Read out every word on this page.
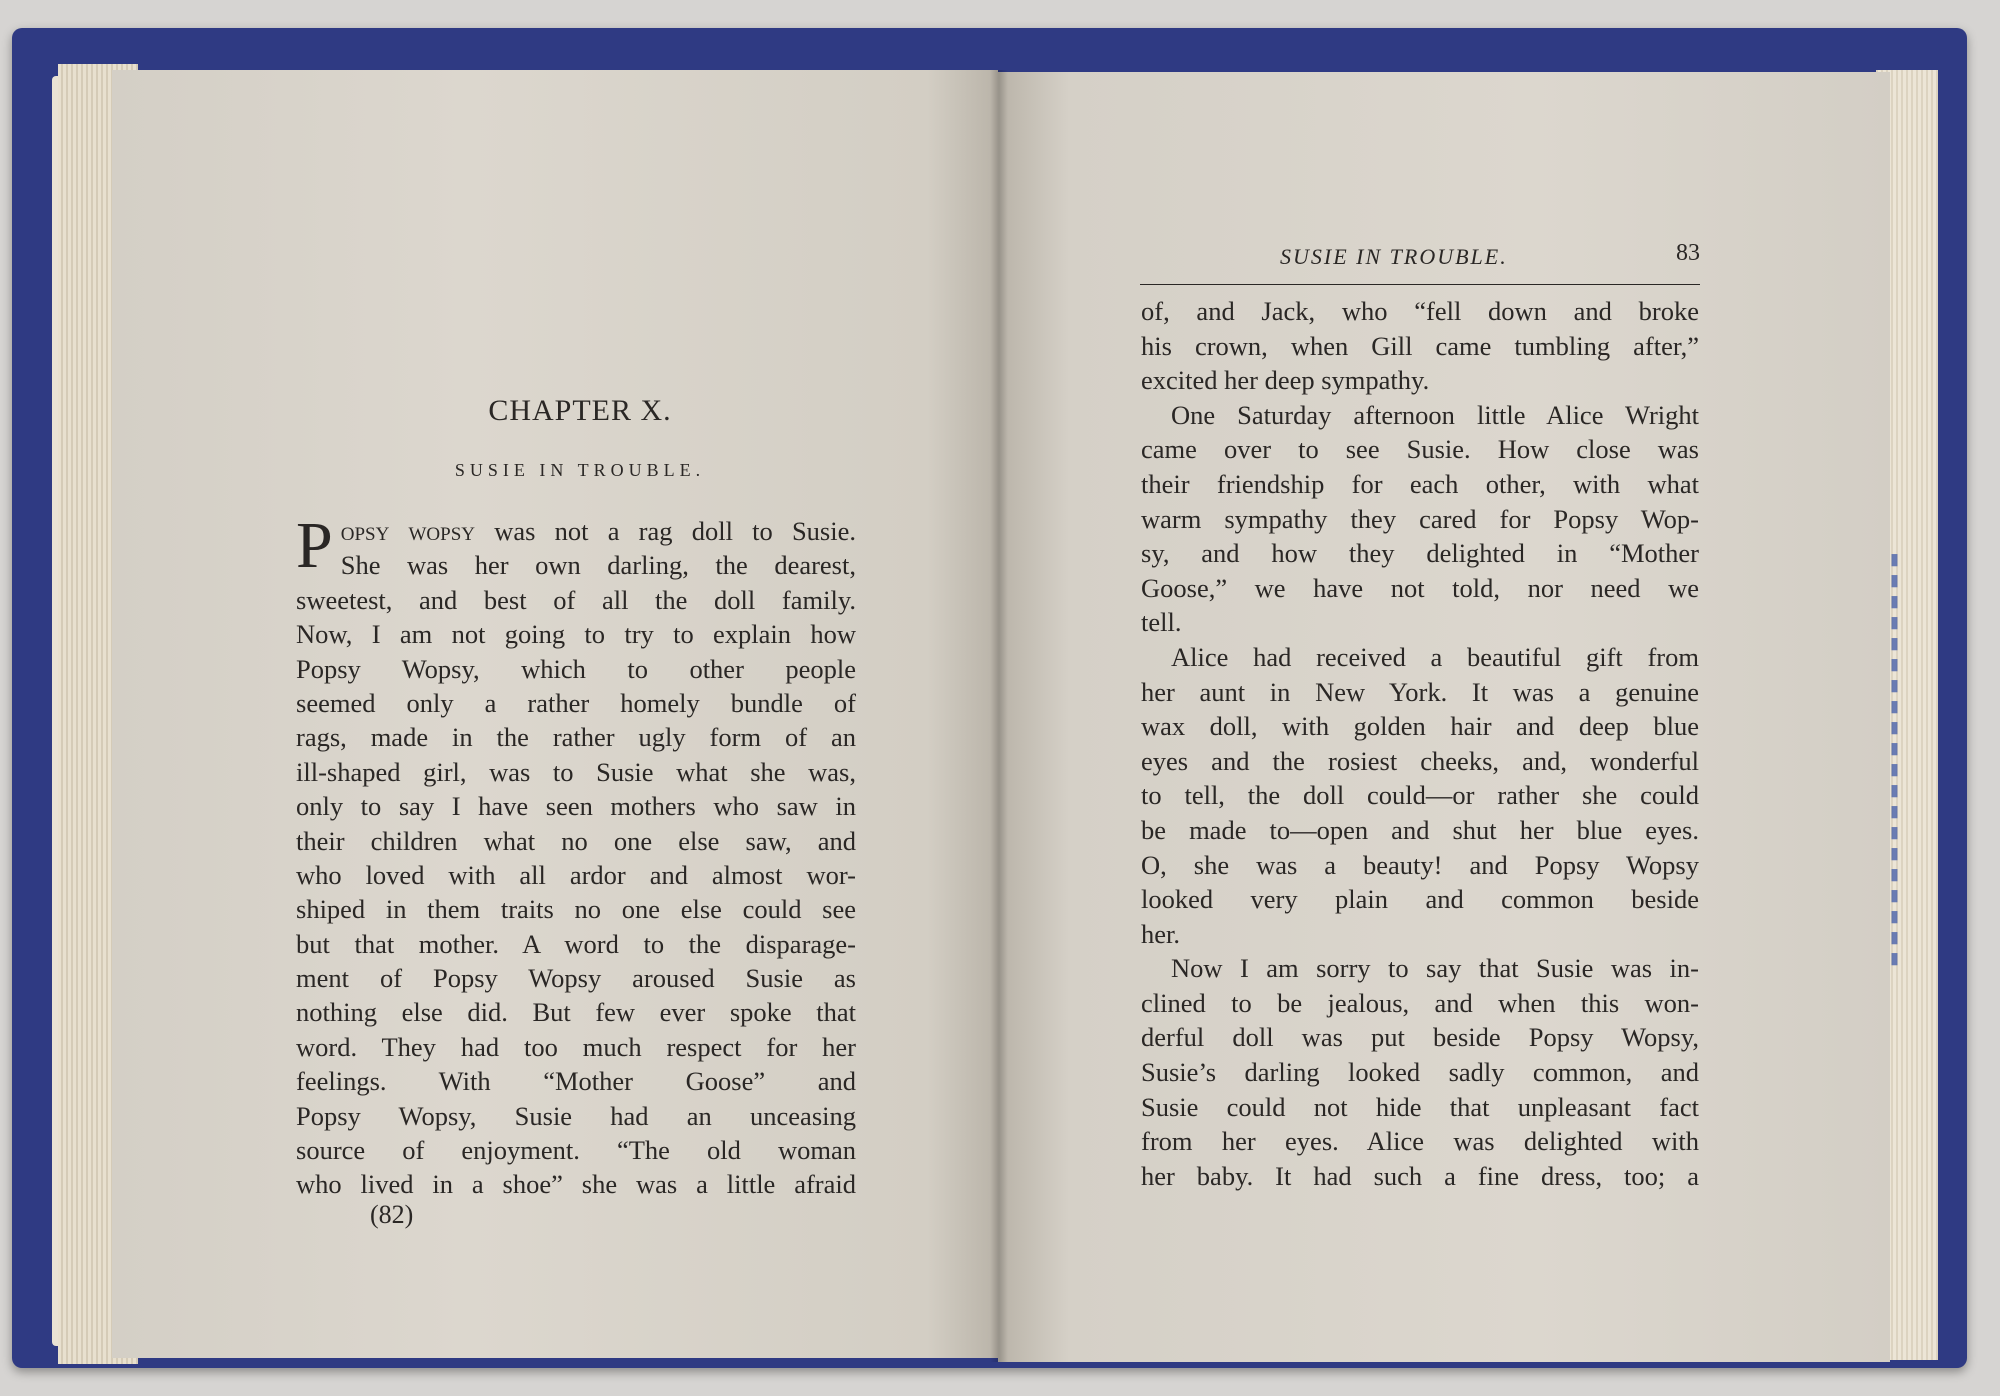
▮▮▮▮▮▮▮▮▮▮▮▮▮▮▮▮▮▮▮▮
CHAPTER X.
SUSIE IN TROUBLE.
P opsy wopsy was not a rag doll to Susie.
She was her own darling, the dearest,
sweetest, and best of all the doll family.
Now, I am not going to try to explain how
Popsy Wopsy, which to other people
seemed only a rather homely bundle of
rags, made in the rather ugly form of an
ill-shaped girl, was to Susie what she was,
only to say I have seen mothers who saw in
their children what no one else saw, and
who loved with all ardor and almost wor-
shiped in them traits no one else could see
but that mother. A word to the disparage-
ment of Popsy Wopsy aroused Susie as
nothing else did. But few ever spoke that
word. They had too much respect for her
feelings. With “Mother Goose” and
Popsy Wopsy, Susie had an unceasing
source of enjoyment. “The old woman
who lived in a shoe” she was a little afraid
(82)
SUSIE IN TROUBLE.	83
of, and Jack, who “fell down and broke
his crown, when Gill came tumbling after,”
excited her deep sympathy.
One Saturday afternoon little Alice Wright
came over to see Susie. How close was
their friendship for each other, with what
warm sympathy they cared for Popsy Wop-
sy, and how they delighted in “Mother
Goose,” we have not told, nor need we
tell.
Alice had received a beautiful gift from
her aunt in New York. It was a genuine
wax doll, with golden hair and deep blue
eyes and the rosiest cheeks, and, wonderful
to tell, the doll could—or rather she could
be made to—open and shut her blue eyes.
O, she was a beauty! and Popsy Wopsy
looked very plain and common beside
her.
Now I am sorry to say that Susie was in-
clined to be jealous, and when this won-
derful doll was put beside Popsy Wopsy,
Susie’s darling looked sadly common, and
Susie could not hide that unpleasant fact
from her eyes. Alice was delighted with
her baby. It had such a fine dress, too; a
